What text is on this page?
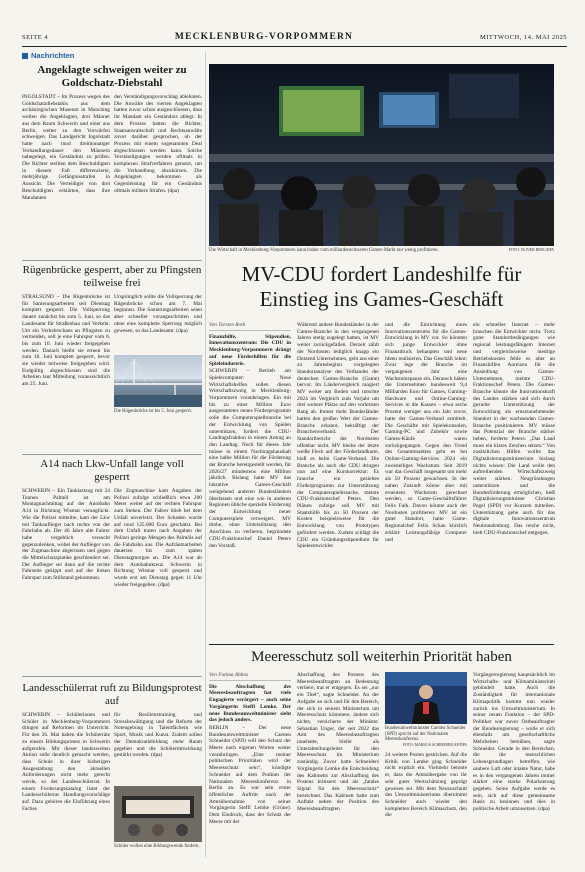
SEITE 4	MECKLENBURG-VORPOMMERN	MITTWOCH, 14. MAI 2025
Nachrichten
Angeklagte schweigen weiter zu Goldschatz-Diebstahl
INGOLSTADT – Im Prozess wegen des Goldschatzdiebstahls aus dem archäologischen Museum in Manching wollen die Angeklagten, drei Männer aus dem Raum Schwerin und einer aus Berlin, weiter zu den Vorwürfen schweigen. Das Landgericht Ingolstadt hatte nach rund dreimonatiger Verhandlungsdauer den Männern nahegelegt, ein Geständnis zu prüfen. Die Richter stellten dem Beschuldigten in diesem Fall differenzierte, mehrjährige Gefängnisstrafen in Aussicht. Die Verteidiger von drei Beschuldigten erklärten, dass ihre Mandanten
den Verständigungsvorschlag ablehnten. Die Anwälte des vierten Angeklagten hatten zuvor schon ausgeschlossen, dass ihr Mandant ein Geständnis ablegt. In dem Prozess hatten die Richter, Staatsanwaltschaft und Rechtsanwälte zuvor darüber gesprochen, ob der Prozess mit einem sogenannten Deal abgeschlossen werden kann. Solche Verständigungen werden oftmals in komplexen Strafverfahren genutzt, um die Verhandlung abzukürzen. Die Angeklagten bekommen als Gegenleistung für ein Geständnis oftmals mildere Strafen. (dpa)
Rügenbrücke gesperrt, aber zu Pfingsten teilweise frei
STRALSUND – Die Rügenbrücke ist für Sanierungsarbeiten seit Dienstag komplett gesperrt. Die Vollsperrung dauere zunächst bis zum 5. Juni, so das Landesamt für Straßenbau und Verkehr. Um ein Verkehrschaos an Pfingsten zu vermeiden, soll je eine Fahrspur vom 6. bis zum 10. Juni wieder freigegeben werden. Danach bleibt sie erneut bis zum 18. Juni komplett gesperrt, bevor sie wieder teilweise freigegeben wird. Endgültig abgeschlossen sind die Arbeiten laut Mitteilung voraussichtlich am 25. Juni.
Ursprünglich sollte die Vollsperrung der Rügenbrücke schon am 7. Mai beginnen. Die Sanierungsarbeiten seien aber schneller vorangeschritten und ohne eine komplette Sperrung möglich gewesen, so das Landesamt. (dpa)
Die Rügenbrücke ist bis 5. Juni gesperrt.
A14 nach Lkw-Unfall lange voll gesperrt
SCHWERIN – Ein Tanklastzug mit 24 Tonnen Palmöl ist am Montagnachmittag auf der Autobahn A14 in Richtung Wismar verunglückt. Wie die Polizei mitteilte, kam der Lkw mit Tankauflieger nach rechts von der Fahrbahn ab. Der 46 Jahre alte Fahrer habe vergeblich versucht gegenzulenken, wobei der Auflieger von der Zugmaschine abgerissen und gegen die Mittelschutzplanke geschleudert sei. Der Auflieger sei dann auf die rechte Fahrseite gekippt und auf der linken Fahrspur zum Stillstand gekommen.
Die Zugmaschine kam Angaben der Polizei zufolge schließlich etwa 200 Meter weiter auf der rechten Fahrspur zum Stehen. Der Fahrer blieb bei dem Unfall unverletzt. Der Schaden wurde auf rund 125.000 Euro geschätzt. Bei dem Unfall traten nach Angaben der Polizei geringe Mengen des Palmöls auf die Fahrbahn aus. Die Aufräumarbeiten dauerten bis zum späten Dienstagmorgen an. Die A14 war ab dem Autobahnkreuz Schwerin in Richtung Wismar voll gesperrt und wurde erst am Dienstag gegen 11 Uhr wieder freigegeben. (dpa)
Landesschülerrat ruft zu Bildungsprotest auf
SCHWERIN – Schülerinnen und Schüler in Mecklenburg-Vorpommern dringen auf Reformen im Unterricht. Für den 26. Mai haben die Schülerräte zu einem Bildungsprotest in Schwerin aufgerufen. Mit dieser landesweiten Aktion solle deutlich gemacht werden, dass Schule in ihrer bisherigen Ausgestaltung den aktuellen Anforderungen nicht mehr gerecht werde, so der Landesschülerrat. In einem Forderungskatalog listet der Landesschülerrat Handlungsvorschläge auf. Dazu gehören die Einführung eines Faches
für Resilienztraining und Stressbewältigung und die Reform der Notengebung in Talentfächern wie Sport, Musik und Kunst. Zudem sollen der Demokratiebildung mehr Raum gegeben und die Schülermitwirkung gestärkt werden. (dpa)
Schüler wollen eine Bildungswende fordern.
Die Wirtschaft in Mecklenburg-Vorpommern kann bisher vom milliardenschweren Games-Markt nur wenig profitieren.	FOTO: OLIVER BERG/DPA
MV-CDU fordert Landeshilfe für
Einstieg ins Games-Geschäft
Von Torsten Roth

Finanzhilfe, Stipendien, Innovationszentrum: Die CDU in Mecklenburg-Vorpommern drängt auf neue Förderhilfen für die Spieleindustrie.

SCHWERIN – Betrieb am Spielecomputer: Neue Wirtschaftshelfen sollen diesen Wirtschaftszweig in Mecklenburg-Vorpommern voranbringen. Ein mit bis zu einer Million Euro ausgestattetes neues Förderprogramm solle die Computerspielbranche bei der Entwicklung von Spielen unterstützen, fordert die CDU-Landtagsfraktion in einem Antrag an den Landtag. Noch für dieses Jahr müsse in einem Nachtragshaushalt eine halbe Million für die Förderung der Branche bereitgestellt werden, für 2026/27 mindestens eine Million jährlich. Bislang hatte MV das lukrative Games-Geschäft weitgehend anderen Bundesländern überlassen und eine wie in anderen Regionen übliche spezielle Förderung der Entwicklung neuer Computerspiele verweigert. MV drohe, ohne Unterstützung den Anschluss zu verlieren, begründete CDU-Fraktionschef Daniel Peters den Vorstoß.

Während andere Bundesländer in der Games-Branche in den vergangenen Jahren stetig zugelegt hatten, ist MV weiter zurückgefallen. Derzeit zählt der Nordosten lediglich knapp ein Dutzend Unternehmen, geht aus einer zu Jahresbeginn vorgelegten Standortanalyse des Verbandes der deutschen Games-Branche (Game) hervor. Im Ländervergleich rangiert MV weiter am Boden und rutschte 2024 im Vergleich zum Vorjahr um drei weitere Plätze auf den vorletzten Rang ab. Immer mehr Bundesländer hatten den großen Wert der Games-Branche erkannt, bekräftigt der Branchenverband. Der Standortbericht der Nordosten offenbar nicht. MV bleibe der letzte weiße Fleck auf der Förderlandkarte, hieß es beim Game-Verband. Die Branche als auch die CDU dringen nun auf eine Kurskorrektur: Es brauche ein gezieltes Förderprogramm zur Unterstützung der Computerspielbranche, meinte CDU-Fraktionschef Peters. Den Plänen zufolge soll MV mit Staatshilfe bis zu 50 Prozent der Kosten beispielsweise für die Entwicklung von Prototypen gefördert werden. Zudem schlägt die CDU ein Gründungsstipendium für Spieleentwickler
und die Einrichtung eines Innovationszentrums für die Games-Entwicklung in MV vor. So könnten sich junge Entwickler ohne Finanzdruck behaupten und neue Ideen realisieren. Das Geschäft lohnt: Zwar lege die Branche im vergangenen Jahr eine Wachstumspause ein. Dennoch hätten die Unternehmen bundesweit 9,4 Milliarden Euro für Games, Gaming-Hardware und Online-Gaming-Services in die Kassen – etwa sechs Prozent weniger aus ein Jahr zuvor, hatte der Games-Verband ermittelt. Die Geschäfte mit Spielekonsolen, Gaming-PC und Zubehör sowie Games-Käufe waren zurückgegangen. Gegen den Trend des Gesamtmarktes geht es bei Online-Gaming-Services 2024 ein zweistelliges Wachstum. Seit 2019 war das Geschäft insgesamt um mehr als 50 Prozent gewachsen. In der nahen Zukunft könne aber mit erneutem Wachstum gerechnet werden, so Game-Geschäftsführer Felix Falk. Davon könnte auch der Nordosten profitieren: MV ist ein guter Standort, hatte Game-Regionalchef Felix Schan kürzlich erklärt: Leistungsfähige Computer und
ein schnelles Internet – mehr brauchen die Entwickler nicht. Trotz guter Standortbedingungen wie regional leistungsfähigem Internet und vergleichsweise niedrige Betriebskosten fehle es aber an Finanzhilfen Anreizen für die Ansiedlung von Games-Unternehmen, meinte CDU-Fraktionschef Peters. Die Games-Branche könnte die Innovationskraft des Landes stärken und sich durch gezielte Unterstützung der Entwicklung als ernstzunehmender Standort in der wachsenden Games-Branche positionieren. MV müsse das Potenzial der Branche stärker heben, forderte Peters: „Das Land muss ein klares Zeichen setzen.“ Von zusätzlichen Hilfen wollte das Digitalisierungsministerium bislang nichts wissen: Die Land wolle den auftreibenden Wirtschaftszweig weiter stärken. Neugründungen unterstützen und die Bundesförderung ermöglichen, hieß Digitalisierungsminister Christian Pegel (SPD) vor Kurzem mitteilen. Unterstützung gebe auch für das digitale Innovationszentrum Neubrandenburg. Das reiche nicht, hielt CDU-Fraktionschef entgegen.
Meeresschutz soll weiterhin Priorität haben
Von Fatima Abbas

Die Abschaffung des Meeresbeauftragten hat viele Engagierte verärgert – auch seine Vorgängerin Steffi Lemke. Der neue Bundesumweltminister sieht das jedoch anders.

BERLIN – Der neue Bundesumweltminister Carsten Schneider (SPD) will den Schutz der Meere nach eigenen Worten weiter voranbringen. „Eine meiner politischen Prioritäten wird der Meeresschutz sein“, kündigte Schneider auf dem Podium der Nationalen Meereskonferenz in Berlin an. Es war sein erster öffentlicher Auftritt nach der Amtsübernahme von seiner Vorgängerin Steffi Lemke (Grüne). Dem Eindruck, dass der Schutz der Meere mit der

Abschaffung des Postens des Meeresbeauftragten an Bedeutung verliere, trat er entgegen. Es sei „nur ein Titel“, sagte Schneider. An der Aufgabe an sich und für den Bereich, der sich in seinem Ministerium um Meeresschutz kümmere, ändere sich nichts, versicherte der Minister. Sebastian Unger, der seit 2022 das Amt des Meeresbeauftragten innehatte, bleibt als Unterabteilungsleiter für den Meeresschutz im Ministerium zuständig. Zuvor hatte Schneiders Vorgängerin Lemke die Entscheidung des Kabinetts zur Abschaffung des Postens kritisiert und als „fatales Signal für den Meeresschutz“ bezeichnet. Das Kabinett hatte zum Auftakt neben der Position des Meeresbeauftragten
Bundesumweltminister Carsten Schneider (SPD) spricht auf der Nationalen Meereskonferenz.
FOTO: MARKUS SCHREIBER/AP/DPA
24 weitere Posten gestrichen. Auf die Kritik von Lemke ging Schneider nicht explizit ein. Vielmehr betonte er, dass die Amtsübergabe von ihr sehr guter Wertschätzung geprägt gewesen sei. Mit dem Neuzuschnitt des Umweltministeriums übernimmt Schneider auch wieder den kompletten Bereich Klimaschutz, den die
Vorgängerregierung hauptsächlich im Wirtschafts- und Klimaministerium gebündelt hatte. Auch die Zuständigkeit für internationale Klimapolitik kommt nun wieder zurück ins Umweltministerium. In seiner neuen Funktion – der SPD-Politiker war zuvor Ostbeauftragter der Bundesregierung – wolle er sich ebenfalls um gesellschaftliche Mehrheiten bemühen, sagte Schneider. Gerade in den Bereichen, die die menschlichen Lebensgrundlagen betreffen, wie saubere Luft oder intakte Natur, habe es in den vergangenen Jahren immer stärker eine starke Polarisierung gegeben. Seine Aufgabe werde es sein, sich auf diese gemeinsame Basis zu besinnen und dies in politische Arbeit umzusetzen. (dpa)
